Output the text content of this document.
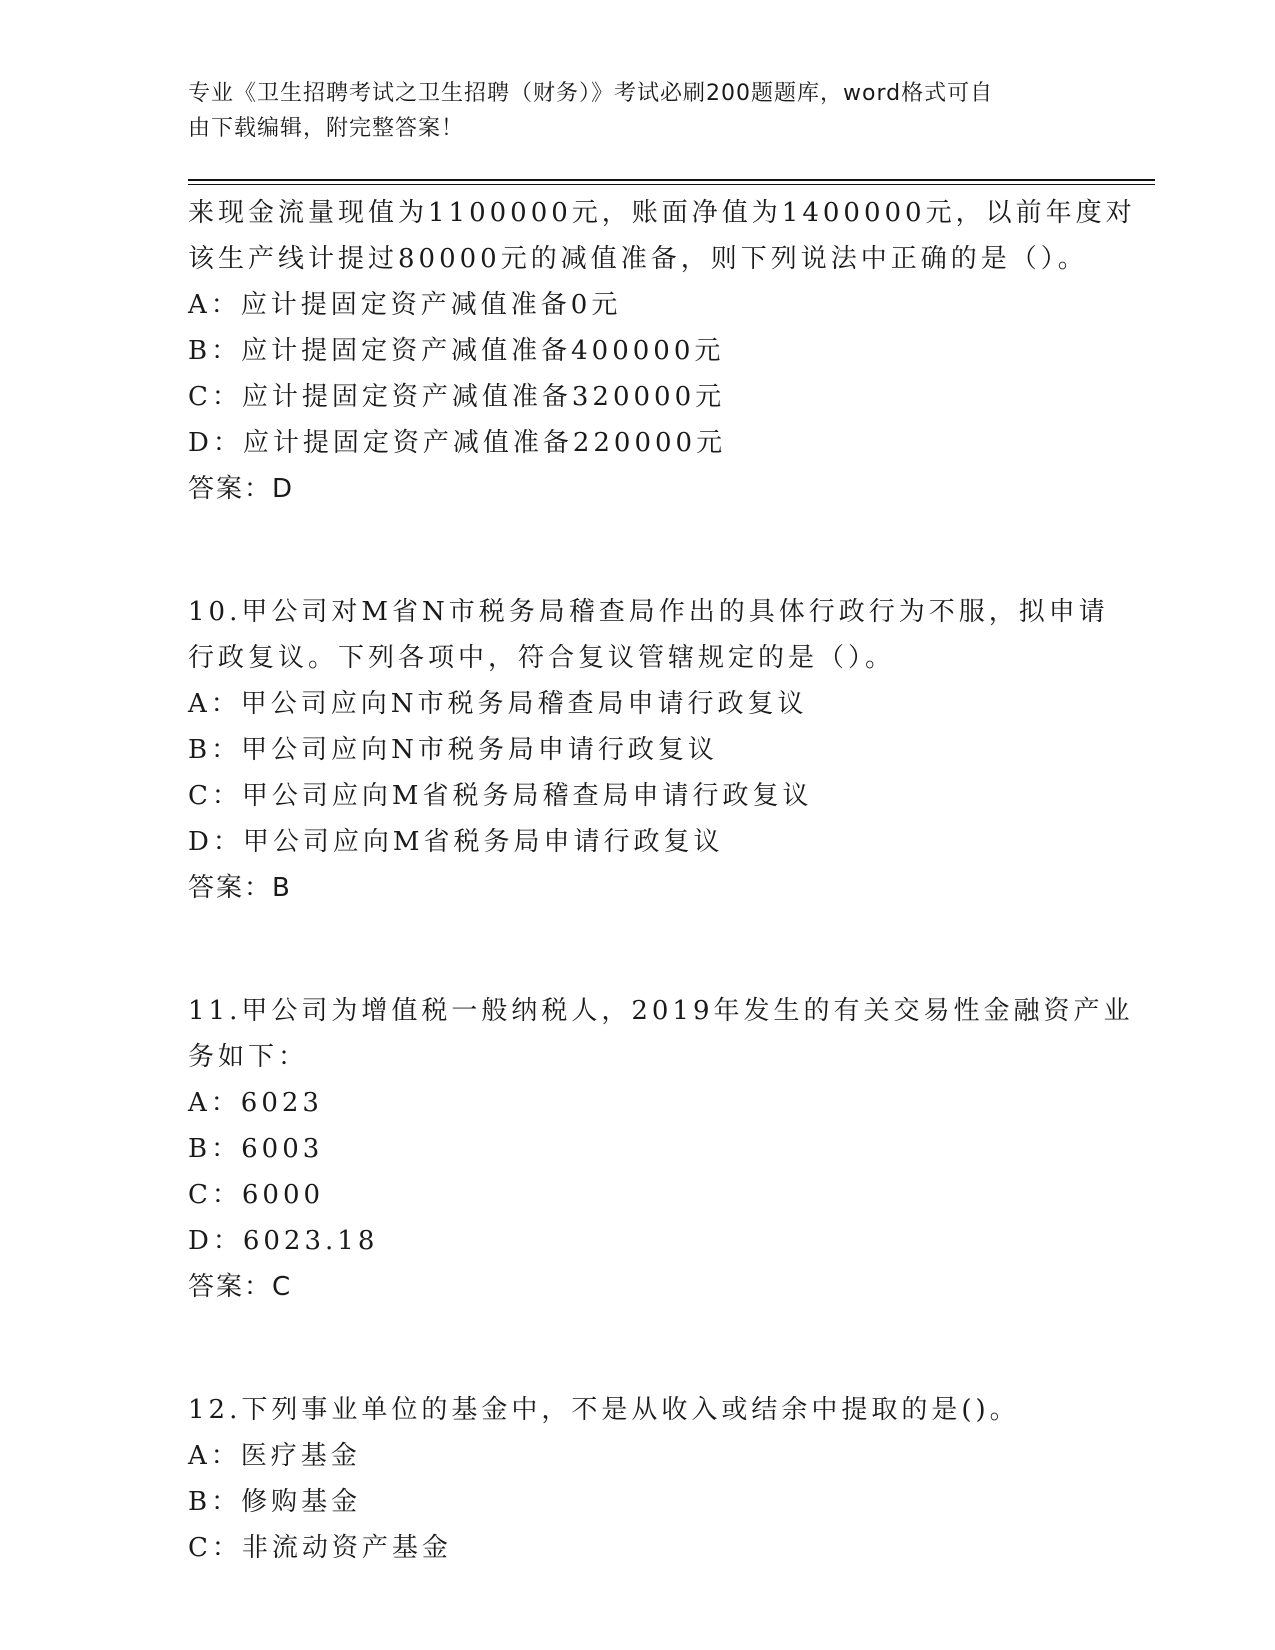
专业《卫生招聘考试之卫生招聘（财务）》考试必刷200题题库，word格式可自
由下载编辑，附完整答案！
来现金流量现值为1100000元，账面净值为1400000元，以前年度对
该生产线计提过80000元的减值准备，则下列说法中正确的是（）。
A：应计提固定资产减值准备0元
B：应计提固定资产减值准备400000元
C：应计提固定资产减值准备320000元
D：应计提固定资产减值准备220000元
答案：D
10.甲公司对M省N市税务局稽查局作出的具体行政行为不服，拟申请
行政复议。下列各项中，符合复议管辖规定的是（）。
A：甲公司应向N市税务局稽查局申请行政复议
B：甲公司应向N市税务局申请行政复议
C：甲公司应向M省税务局稽查局申请行政复议
D：甲公司应向M省税务局申请行政复议
答案：B
11.甲公司为增值税一般纳税人，2019年发生的有关交易性金融资产业
务如下：
A：6023
B：6003
C：6000
D：6023.18
答案：C
12.下列事业单位的基金中，不是从收入或结余中提取的是()。
A：医疗基金
B：修购基金
C：非流动资产基金
